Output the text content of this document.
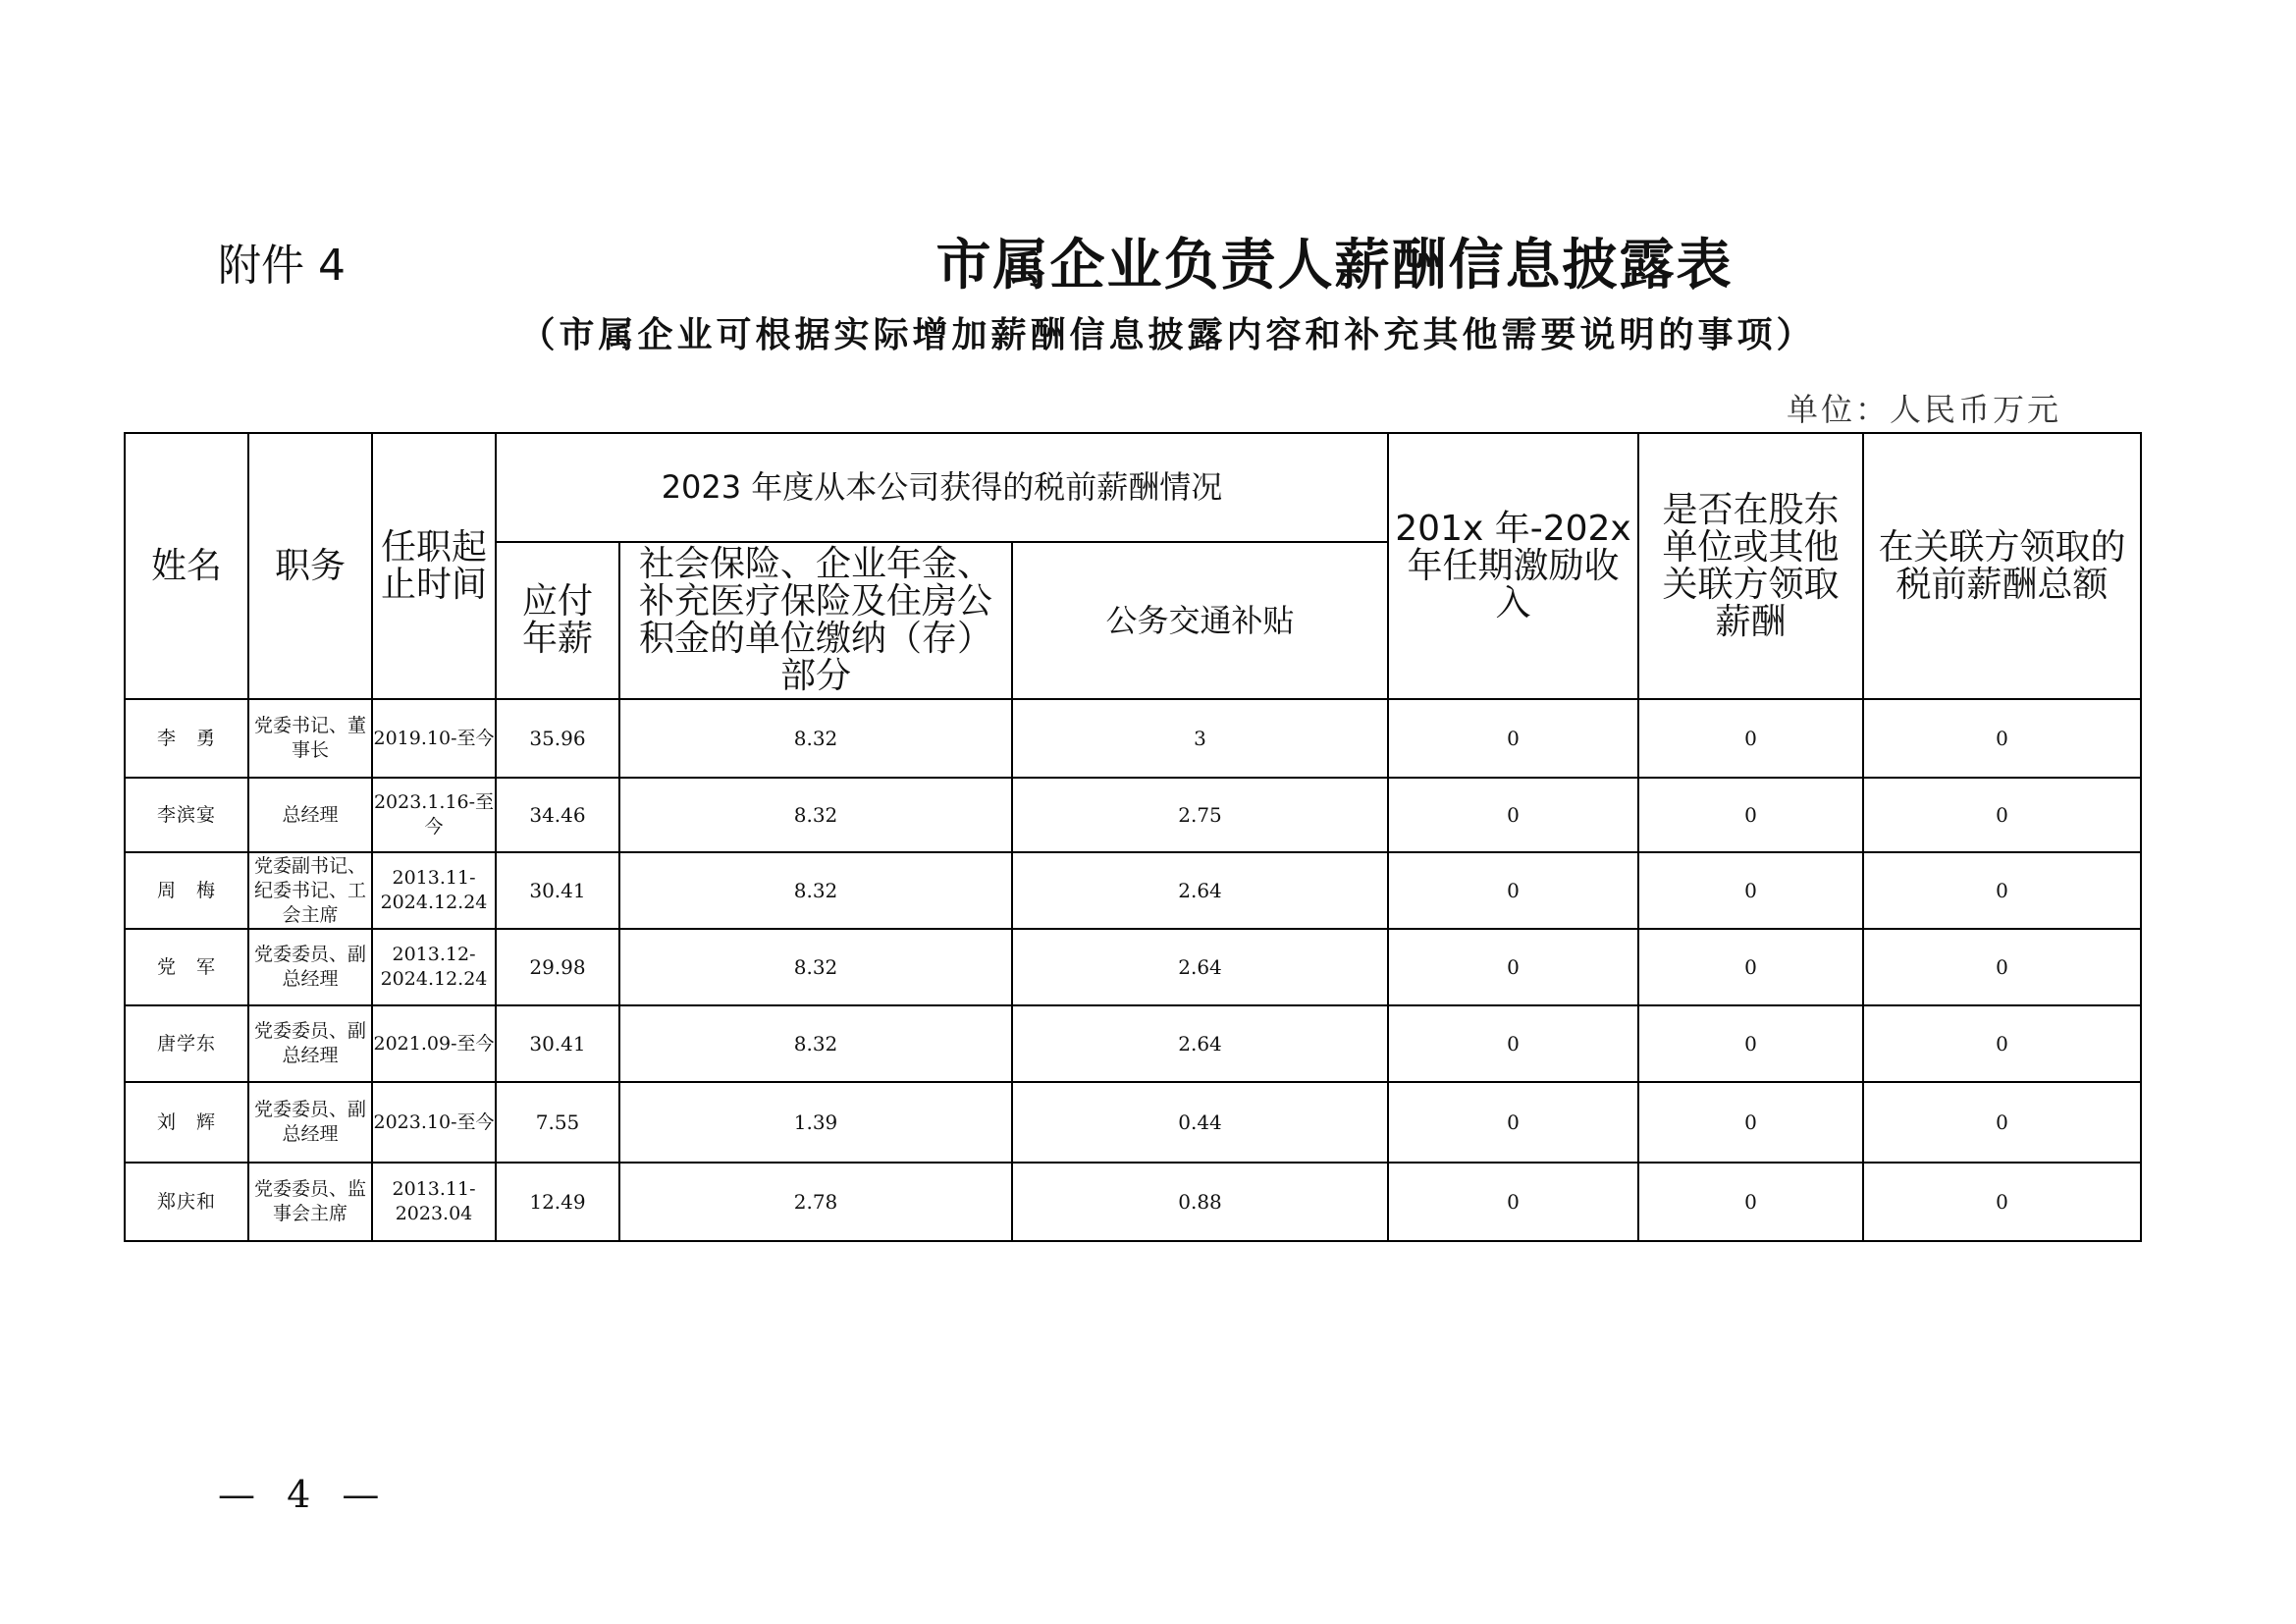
附件 4	市属企业负责人薪酬信息披露表
（市属企业可根据实际增加薪酬信息披露内容和补充其他需要说明的事项）
单位：人民币万元
姓名	职务	任职起止时间	2023 年度从本公司获得的税前薪酬情况			201x 年-202x 年任期激励收入	是否在股东单位或其他关联方领取薪酬	在关联方领取的税前薪酬总额
			应付年薪	社会保险、企业年金、补充医疗保险及住房公积金的单位缴纳（存）部分	公务交通补贴			
李　勇	党委书记、董事长	2019.10-至今	35.96	8.32	3	0	0	0
李滨宴	总经理	2023.1.16-至今	34.46	8.32	2.75	0	0	0
周　梅	党委副书记、纪委书记、工会主席	2013.11-2024.12.24	30.41	8.32	2.64	0	0	0
党　军	党委委员、副总经理	2013.12-2024.12.24	29.98	8.32	2.64	0	0	0
唐学东	党委委员、副总经理	2021.09-至今	30.41	8.32	2.64	0	0	0
刘　辉	党委委员、副总经理	2023.10-至今	7.55	1.39	0.44	0	0	0
郑庆和	党委委员、监事会主席	2013.11-2023.04	12.49	2.78	0.88	0	0	0
— 4 —
